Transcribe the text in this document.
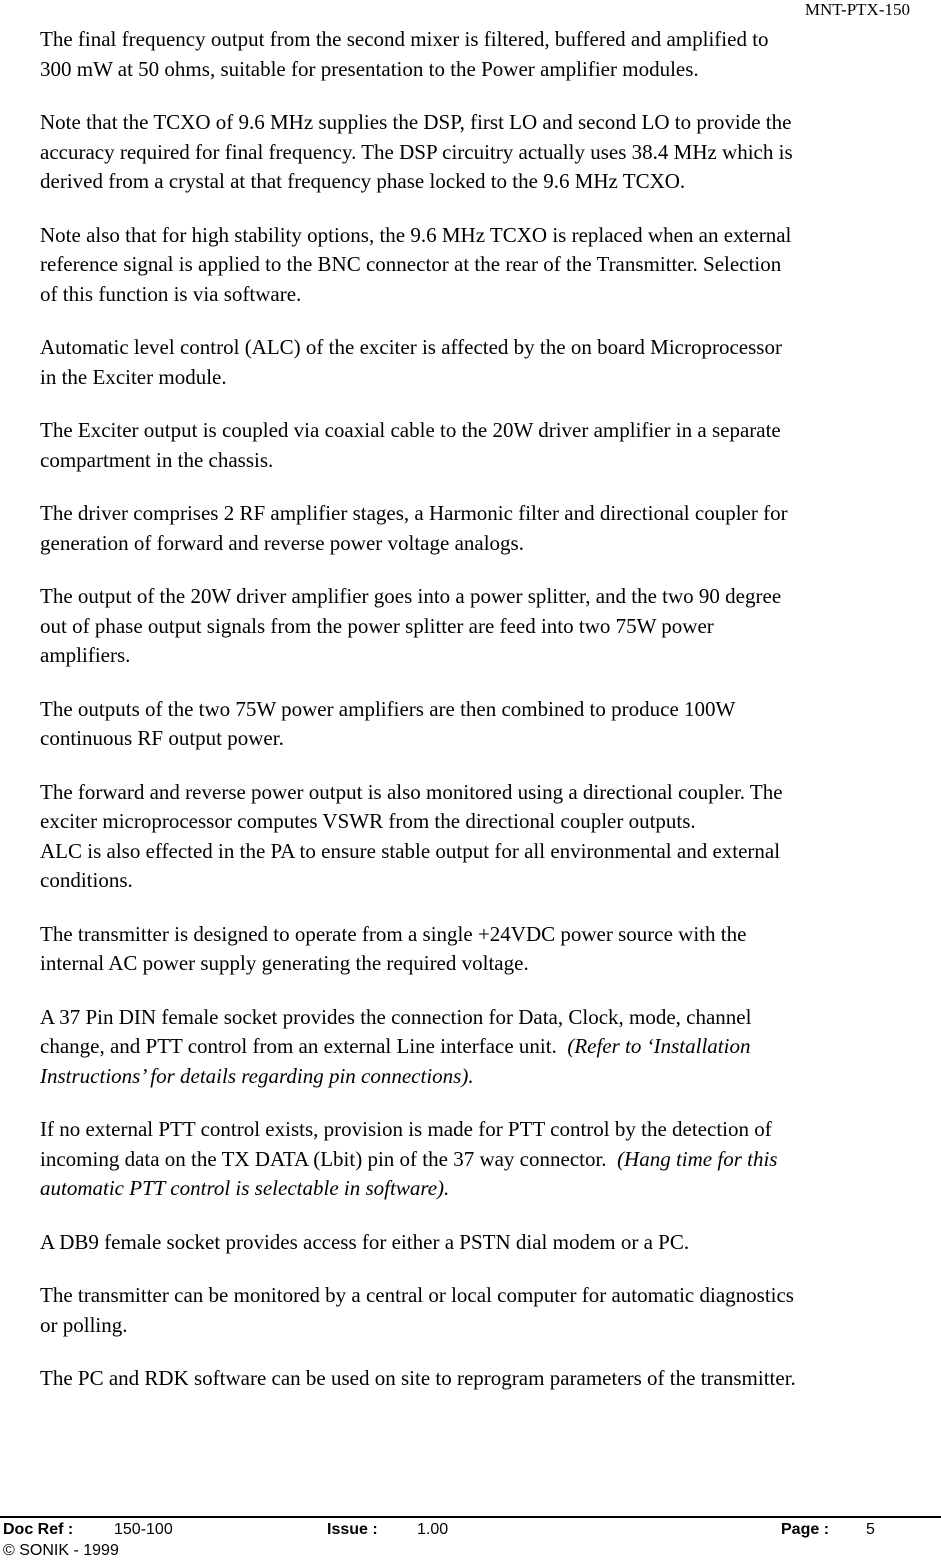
MNT-PTX-150

The final frequency output from the second mixer is filtered, buffered and amplified to
300 mW at 50 ohms, suitable for presentation to the Power amplifier modules.

Note that the TCXO of 9.6 MHz supplies the DSP, first LO and second LO to provide the
accuracy required for final frequency. The DSP circuitry actually uses 38.4 MHz which is
derived from a crystal at that frequency phase locked to the 9.6 MHz TCXO.

Note also that for high stability options, the 9.6 MHz TCXO is replaced when an external
reference signal is applied to the BNC connector at the rear of the Transmitter. Selection
of this function is via software.

Automatic level control (ALC) of the exciter is affected by the on board Microprocessor
in the Exciter module.

The Exciter output is coupled via coaxial cable to the 20W driver amplifier in a separate
compartment in the chassis.

The driver comprises 2 RF amplifier stages, a Harmonic filter and directional coupler for
generation of forward and reverse power voltage analogs.

The output of the 20W driver amplifier goes into a power splitter, and the two 90 degree
out of phase output signals from the power splitter are feed into two 75W power
amplifiers.

The outputs of the two 75W power amplifiers are then combined to produce 100W
continuous RF output power.

The forward and reverse power output is also monitored using a directional coupler. The
exciter microprocessor computes VSWR from the directional coupler outputs.
ALC is also effected in the PA to ensure stable output for all environmental and external
conditions.

The transmitter is designed to operate from a single +24VDC power source with the
internal AC power supply generating the required voltage.

A 37 Pin DIN female socket provides the connection for Data, Clock, mode, channel
change, and PTT control from an external Line interface unit. (Refer to ‘Installation
Instructions’ for details regarding pin connections).

If no external PTT control exists, provision is made for PTT control by the detection of
incoming data on the TX DATA (Lbit) pin of the 37 way connector. (Hang time for this
automatic PTT control is selectable in software).

A DB9 female socket provides access for either a PSTN dial modem or a PC.

The transmitter can be monitored by a central or local computer for automatic diagnostics
or polling.

The PC and RDK software can be used on site to reprogram parameters of the transmitter.

Doc Ref :	150-100	Issue : 1.00	Page : 5
© SONIK - 1999
